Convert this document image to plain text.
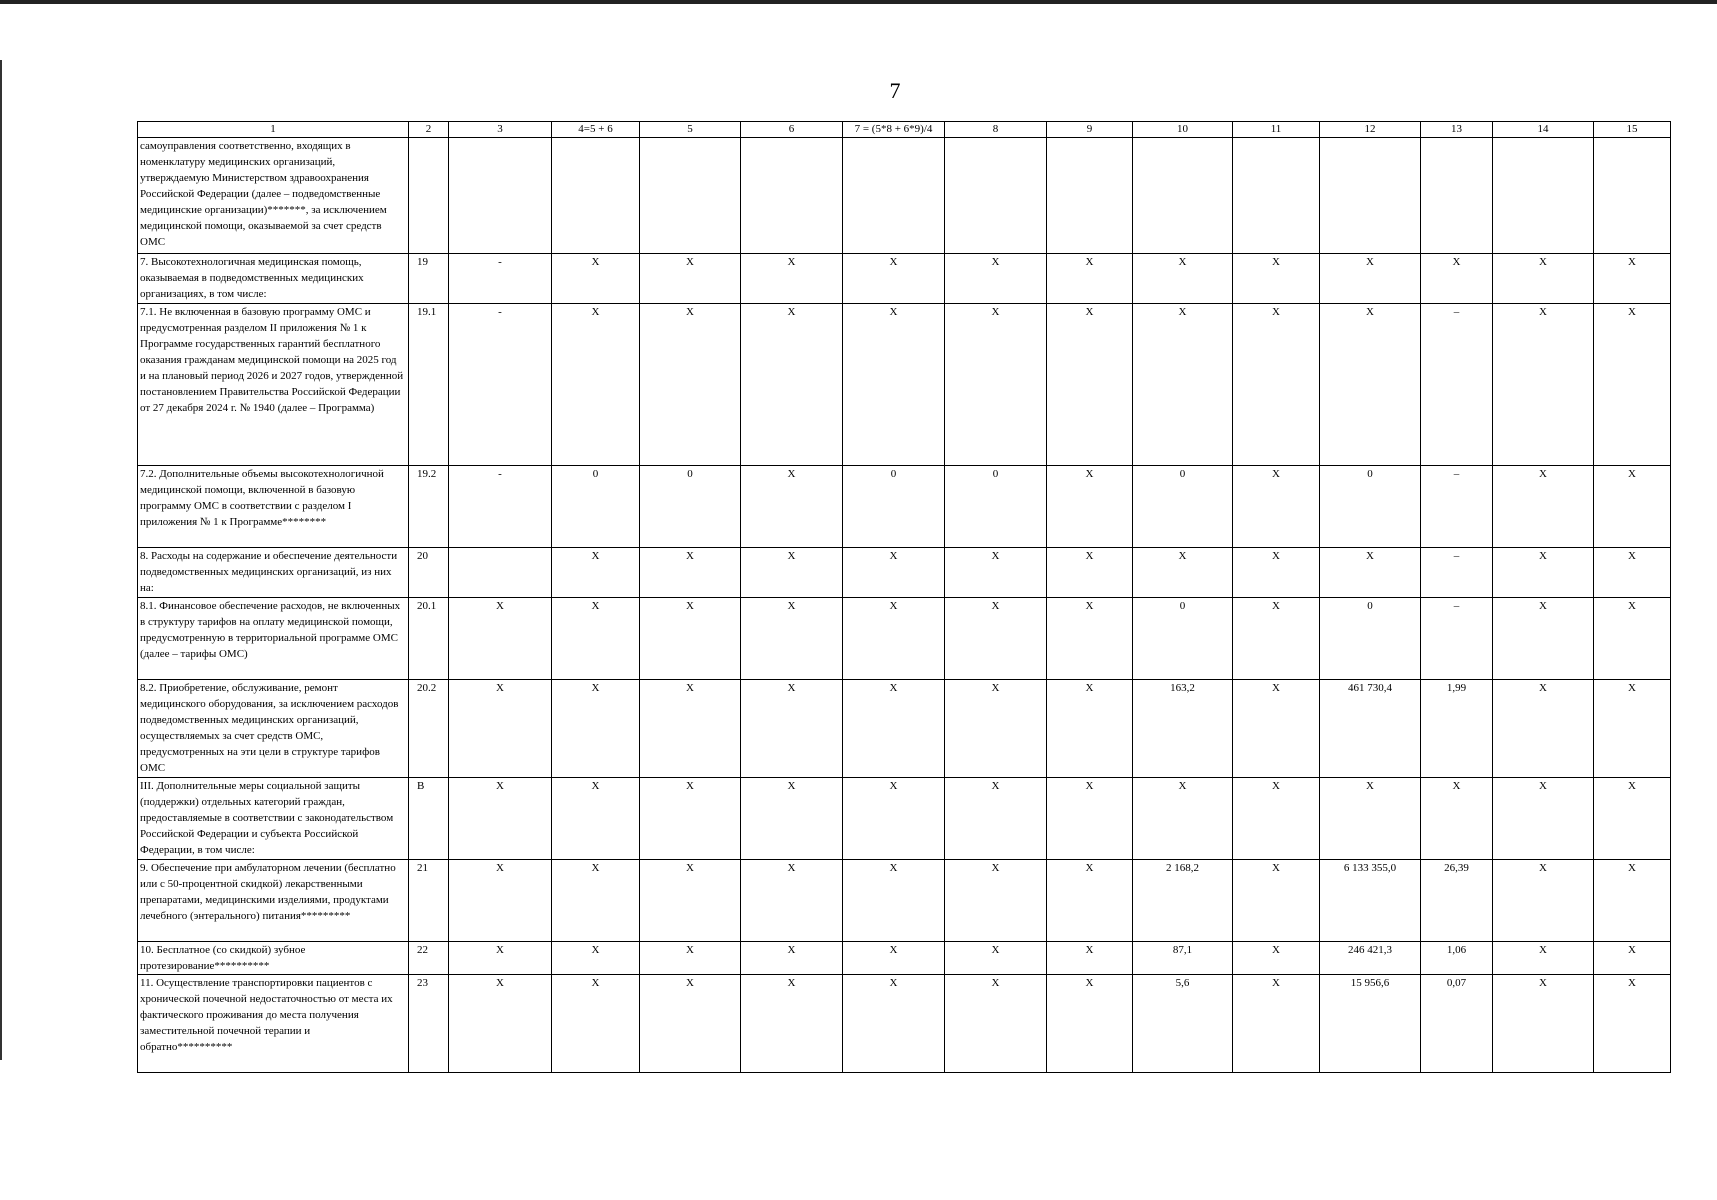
7
1	2	3	4=5 + 6	5	6	7 = (5*8 + 6*9)/4	8	9	10	11	12	13	14	15
самоуправления соответственно, входящих в номенклатуру медицинских организаций, утверждаемую Министерством здравоохранения Российской Федерации (далее – подведомственные медицинские организации)*******, за исключением медицинской помощи, оказываемой за счет средств ОМС														
7. Высокотехнологичная медицинская помощь, оказываемая в подведомственных медицинских организациях, в том числе:	19	-	X	X	X	X	X	X	X	X	X	X	X	X
7.1. Не включенная в базовую программу ОМС и предусмотренная разделом II приложения № 1 к Программе государственных гарантий бесплатного оказания гражданам медицинской помощи на 2025 год и на плановый период 2026 и 2027 годов, утвержденной постановлением Правительства Российской Федерации от 27 декабря 2024 г. № 1940 (далее – Программа)	19.1	-	X	X	X	X	X	X	X	X	X	–	X	X
7.2. Дополнительные объемы высокотехнологичной медицинской помощи, включенной в базовую программу ОМС в соответствии с разделом I приложения № 1 к Программе********	19.2	-	0	0	X	0	0	X	0	X	0	–	X	X
8. Расходы на содержание и обеспечение деятельности подведомственных медицинских организаций, из них на:	20		X	X	X	X	X	X	X	X	X	–	X	X
8.1. Финансовое обеспечение расходов, не включенных в структуру тарифов на оплату медицинской помощи, предусмотренную в территориальной программе ОМС (далее – тарифы ОМС)	20.1	X	X	X	X	X	X	X	0	X	0	–	X	X
8.2. Приобретение, обслуживание, ремонт медицинского оборудования, за исключением расходов подведомственных медицинских организаций, осуществляемых за счет средств ОМС, предусмотренных на эти цели в структуре тарифов ОМС	20.2	X	X	X	X	X	X	X	163,2	X	461 730,4	1,99	X	X
III. Дополнительные меры социальной защиты (поддержки) отдельных категорий граждан, предоставляемые в соответствии с законодательством Российской Федерации и субъекта Российской Федерации, в том числе:	B	X	X	X	X	X	X	X	X	X	X	X	X	X
9. Обеспечение при амбулаторном лечении (бесплатно или с 50-процентной скидкой) лекарственными препаратами, медицинскими изделиями, продуктами лечебного (энтерального) питания*********	21	X	X	X	X	X	X	X	2 168,2	X	6 133 355,0	26,39	X	X
10. Бесплатное (со скидкой) зубное протезирование**********	22	X	X	X	X	X	X	X	87,1	X	246 421,3	1,06	X	X
11. Осуществление транспортировки пациентов с хронической почечной недостаточностью от места их фактического проживания до места получения заместительной почечной терапии и обратно**********	23	X	X	X	X	X	X	X	5,6	X	15 956,6	0,07	X	X
